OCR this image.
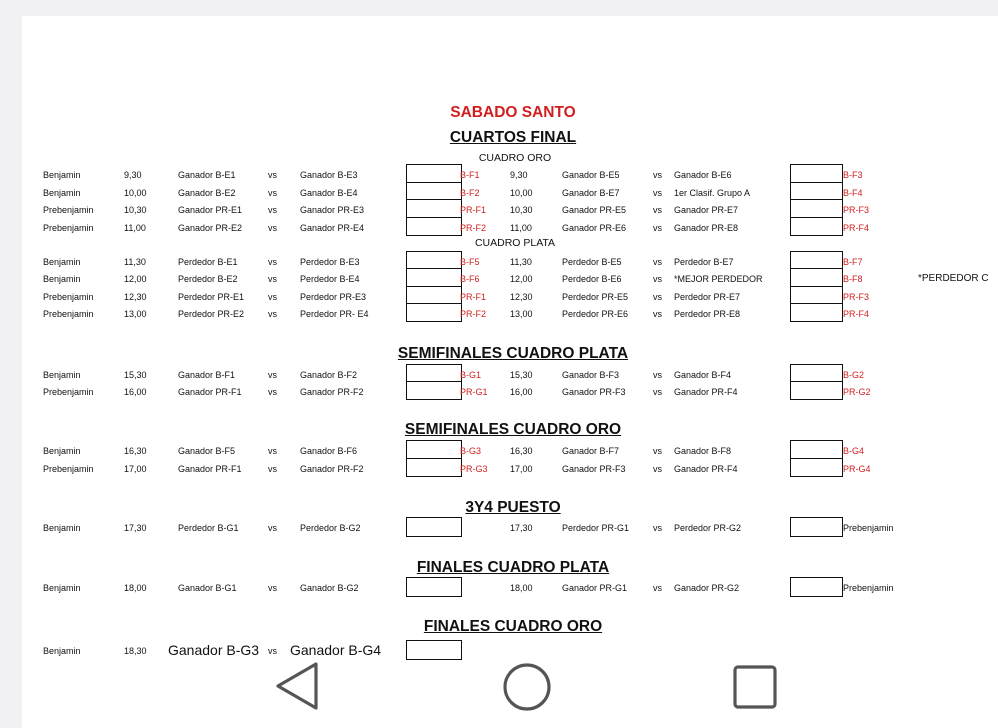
SABADO SANTO
CUARTOS FINAL
CUADRO ORO
CUADRO PLATA
SEMIFINALES CUADRO PLATA
SEMIFINALES CUADRO ORO
3Y4 PUESTO
FINALES CUADRO PLATA
FINALES CUADRO ORO
*PERDEDOR C
Benjamin	9,30	Ganador B-E1	vs	Ganador B-E3	B-F1	9,30	Ganador B-E5	vs Ganador B-E6	B-F3
Benjamin	10,00	Ganador B-E2	vs	Ganador B-E4	B-F2	10,00	Ganador B-E7	vs 1er Clasif. Grupo A	B-F4
Prebenjamin	10,30	Ganador PR-E1	vs	Ganador PR-E3	PR-F1	10,30	Ganador PR-E5	vs Ganador PR-E7	PR-F3
Prebenjamin	11,00	Ganador PR-E2	vs	Ganador PR-E4	PR-F2	11,00	Ganador PR-E6	vs Ganador PR-E8	PR-F4
Benjamin	11,30	Perdedor B-E1	vs	Perdedor B-E3	B-F5	11,30	Perdedor B-E5	vs Perdedor B-E7	B-F7
Benjamin	12,00	Perdedor B-E2	vs	Perdedor B-E4	B-F6	12,00	Perdedor B-E6	vs *MEJOR PERDEDOR	B-F8
Prebenjamin	12,30	Perdedor PR-E1	vs	Perdedor PR-E3	PR-F1	12,30	Perdedor PR-E5	vs Perdedor PR-E7	PR-F3
Prebenjamin	13,00	Perdedor PR-E2	vs	Perdedor PR- E4	PR-F2	13,00	Perdedor PR-E6	vs Perdedor PR-E8	PR-F4
Benjamin	15,30	Ganador B-F1	vs	Ganador B-F2	B-G1	15,30	Ganador B-F3	vs Ganador B-F4	B-G2
Prebenjamin	16,00	Ganador PR-F1	vs	Ganador PR-F2	PR-G1 16,00	Ganador PR-F3	vs Ganador PR-F4	PR-G2
Benjamin	16,30	Ganador B-F5	vs	Ganador B-F6	B-G3	16,30	Ganador B-F7	vs Ganador B-F8	B-G4
Prebenjamin	17,00	Ganador PR-F1	vs	Ganador PR-F2	PR-G3 17,00	Ganador PR-F3	vs Ganador PR-F4	PR-G4
Benjamin	17,30	Perdedor B-G1	vs	Perdedor B-G2	17,30	Perdedor PR-G1	vs Perdedor PR-G2	Prebenjamin
Benjamin	18,00	Ganador B-G1	vs	Ganador B-G2	18,00	Ganador PR-G1	vs Ganador PR-G2	Prebenjamin
Benjamin	18,30 Ganador B-G3 vs Ganador B-G4
